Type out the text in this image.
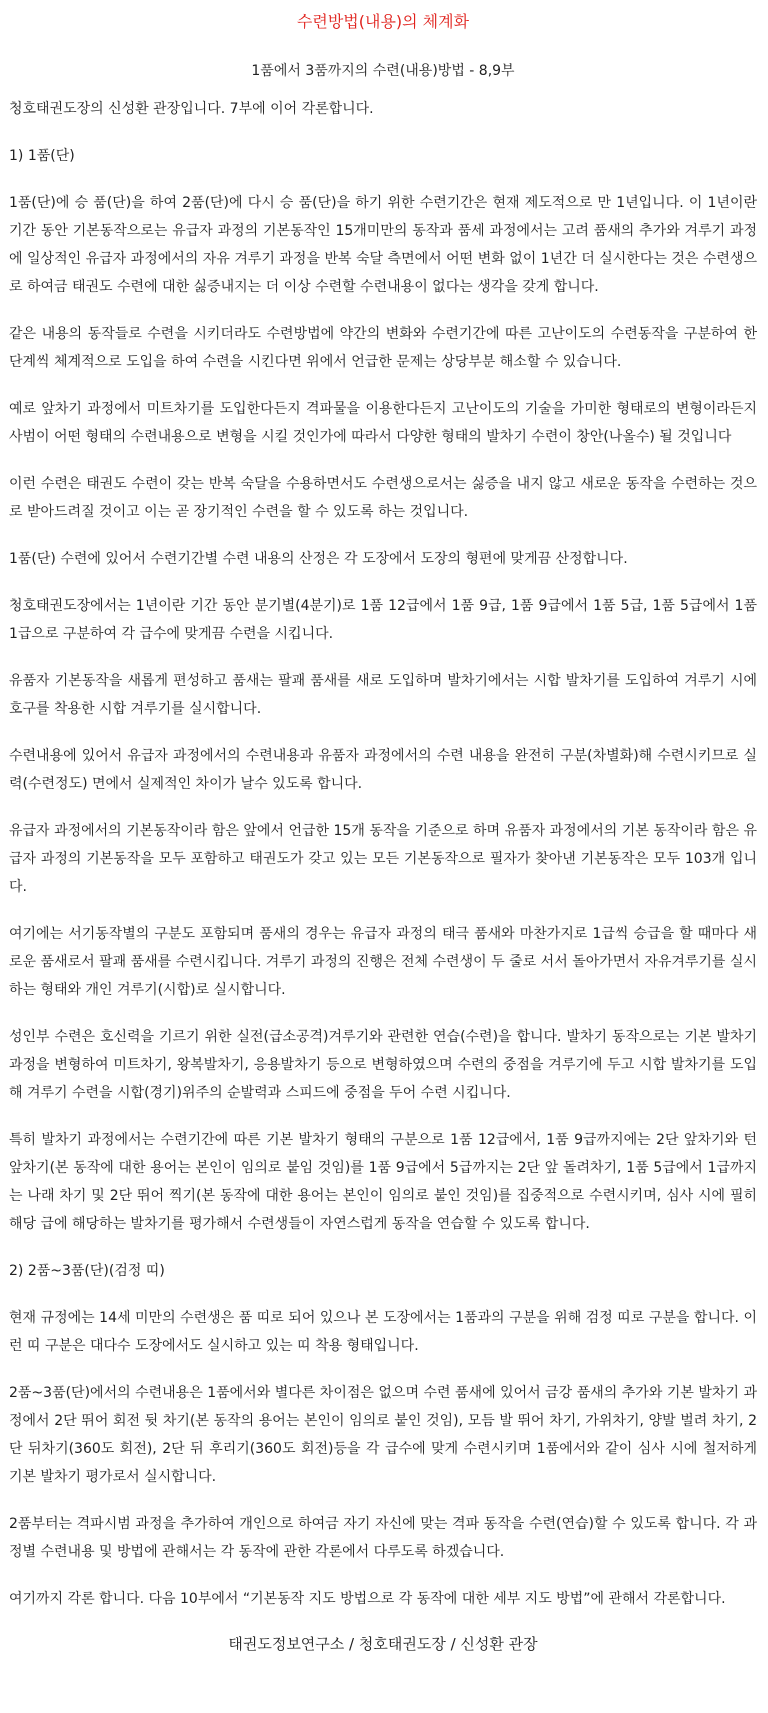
수련방법(내용)의 체계화
1품에서 3품까지의 수련(내용)방법 - 8,9부

청호태권도장의 신성환 관장입니다. 7부에 이어 각론합니다.

1) 1품(단)

1품(단)에 승 품(단)을 하여 2품(단)에 다시 승 품(단)을 하기 위한 수련기간은 현재 제도적으로 만 1년입니다. 이 1년이란 기간 동안 기본동작으로는 유급자 과정의 기본동작인 15개미만의 동작과 품세 과정에서는 고려 품새의 추가와 겨루기 과정에 일상적인 유급자 과정에서의 자유 겨루기 과정을 반복 숙달 측면에서 어떤 변화 없이 1년간 더 실시한다는 것은 수련생으로 하여금 태권도 수련에 대한 싫증내지는 더 이상 수련할 수련내용이 없다는 생각을 갖게 합니다.

같은 내용의 동작들로 수련을 시키더라도 수련방법에 약간의 변화와 수련기간에 따른 고난이도의 수련동작을 구분하여 한 단계씩 체계적으로 도입을 하여 수련을 시킨다면 위에서 언급한 문제는 상당부분 해소할 수 있습니다.

예로 앞차기 과정에서 미트차기를 도입한다든지 격파물을 이용한다든지 고난이도의 기술을 가미한 형태로의 변형이라든지 사범이 어떤 형태의 수련내용으로 변형을 시킬 것인가에 따라서 다양한 형태의 발차기 수련이 창안(나올수) 될 것입니다

이런 수련은 태권도 수련이 갖는 반복 숙달을 수용하면서도 수련생으로서는 싫증을 내지 않고 새로운 동작을 수련하는 것으로 받아드려질 것이고 이는 곧 장기적인 수련을 할 수 있도록 하는 것입니다.

1품(단) 수련에 있어서 수련기간별 수련 내용의 산정은 각 도장에서 도장의 형편에 맞게끔 산정합니다.

청호태권도장에서는 1년이란 기간 동안 분기별(4분기)로 1품 12급에서 1품 9급, 1품 9급에서 1품 5급, 1품 5급에서 1품 1급으로 구분하여 각 급수에 맞게끔 수련을 시킵니다.

유품자 기본동작을 새롭게 편성하고 품새는 팔괘 품새를 새로 도입하며 발차기에서는 시합 발차기를 도입하여 겨루기 시에 호구를 착용한 시합 겨루기를 실시합니다.

수련내용에 있어서 유급자 과정에서의 수련내용과 유품자 과정에서의 수련 내용을 완전히 구분(차별화)해 수련시키므로 실력(수련정도) 면에서 실제적인 차이가 날수 있도록 합니다.

유급자 과정에서의 기본동작이라 함은 앞에서 언급한 15개 동작을 기준으로 하며 유품자 과정에서의 기본 동작이라 함은 유급자 과정의 기본동작을 모두 포함하고 태권도가 갖고 있는 모든 기본동작으로 필자가 찾아낸 기본동작은 모두 103개 입니다.

여기에는 서기동작별의 구분도 포함되며 품새의 경우는 유급자 과정의 태극 품새와 마찬가지로 1급씩 승급을 할 때마다 새로운 품새로서 팔괘 품새를 수련시킵니다. 겨루기 과정의 진행은 전체 수련생이 두 줄로 서서 돌아가면서 자유겨루기를 실시하는 형태와 개인 겨루기(시합)로 실시합니다.

성인부 수련은 호신력을 기르기 위한 실전(급소공격)겨루기와 관련한 연습(수련)을 합니다. 발차기 동작으로는 기본 발차기 과정을 변형하여 미트차기, 왕복발차기, 응용발차기 등으로 변형하였으며 수련의 중점을 겨루기에 두고 시합 발차기를 도입해 겨루기 수련을 시합(경기)위주의 순발력과 스피드에 중점을 두어 수련 시킵니다.

특히 발차기 과정에서는 수련기간에 따른 기본 발차기 형태의 구분으로 1품 12급에서, 1품 9급까지에는 2단 앞차기와 턴 앞차기(본 동작에 대한 용어는 본인이 임의로 붙임 것임)를 1품 9급에서 5급까지는 2단 앞 돌려차기, 1품 5급에서 1급까지는 나래 차기 및 2단 뛰어 찍기(본 동작에 대한 용어는 본인이 임의로 붙인 것임)를 집중적으로 수련시키며, 심사 시에 필히 해당 급에 해당하는 발차기를 평가해서 수련생들이 자연스럽게 동작을 연습할 수 있도록 합니다.

2) 2품~3품(단)(검정 띠)

현재 규정에는 14세 미만의 수련생은 품 띠로 되어 있으나 본 도장에서는 1품과의 구분을 위해 검정 띠로 구분을 합니다. 이런 띠 구분은 대다수 도장에서도 실시하고 있는 띠 착용 형태입니다.

2품~3품(단)에서의 수련내용은 1품에서와 별다른 차이점은 없으며 수련 품새에 있어서 금강 품새의 추가와 기본 발차기 과정에서 2단 뛰어 회전 뒷 차기(본 동작의 용어는 본인이 임의로 붙인 것임), 모듬 발 뛰어 차기, 가위차기, 양발 벌려 차기, 2단 뒤차기(360도 회전), 2단 뒤 후리기(360도 회전)등을 각 급수에 맞게 수련시키며 1품에서와 같이 심사 시에 철저하게 기본 발차기 평가로서 실시합니다.

2품부터는 격파시범 과정을 추가하여 개인으로 하여금 자기 자신에 맞는 격파 동작을 수련(연습)할 수 있도록 합니다. 각 과정별 수련내용 및 방법에 관해서는 각 동작에 관한 각론에서 다루도록 하겠습니다.

여기까지 각론 합니다. 다음 10부에서 “기본동작 지도 방법으로 각 동작에 대한 세부 지도 방법”에 관해서 각론합니다.

태권도정보연구소 / 청호태권도장 / 신성환 관장
